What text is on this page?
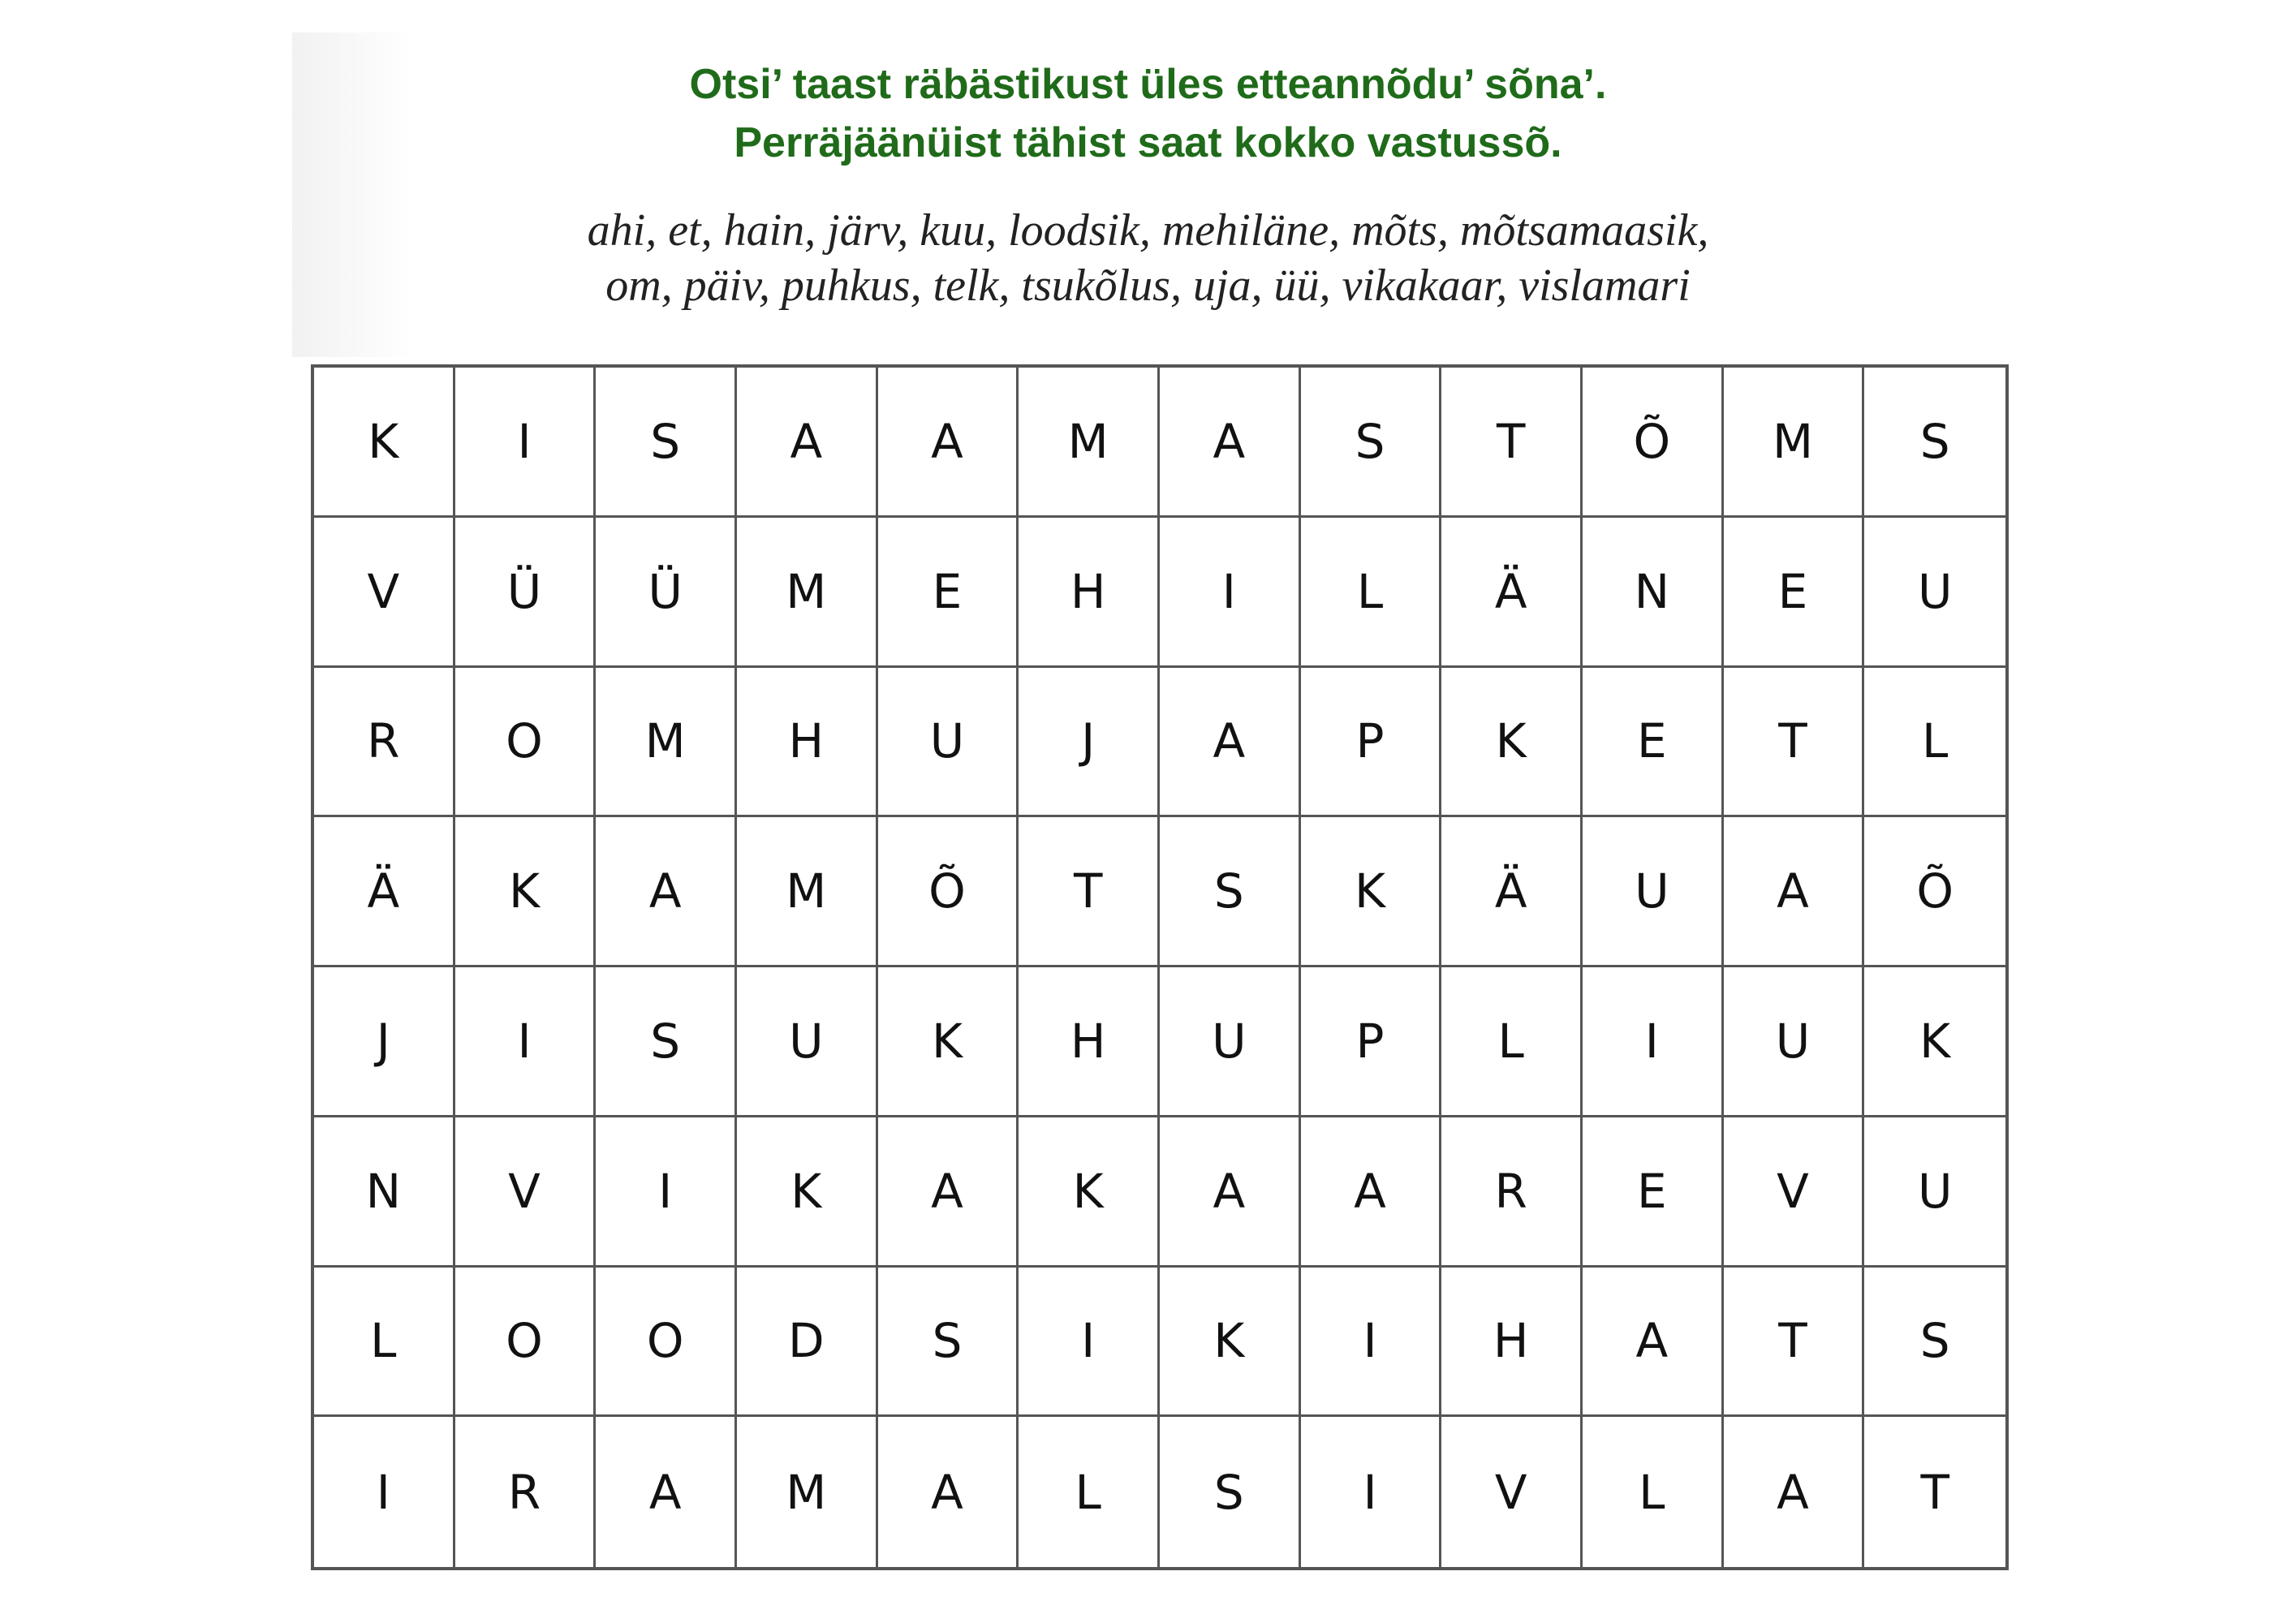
Otsi’ taast räbästikust üles etteannõdu’ sõna’.
Perräjäänüist tähist saat kokko vastussõ.
ahi, et, hain, järv, kuu, loodsik, mehiläne, mõts, mõtsamaasik,
om, päiv, puhkus, telk, tsukõlus, uja, üü, vikakaar, vislamari
K	I	S	A	A	M	A	S	T	Õ	M	S
V	Ü	Ü	M	E	H	I	L	Ä	N	E	U
R	O	M	H	U	J	A	P	K	E	T	L
Ä	K	A	M	Õ	T	S	K	Ä	U	A	Õ
J	I	S	U	K	H	U	P	L	I	U	K
N	V	I	K	A	K	A	A	R	E	V	U
L	O	O	D	S	I	K	I	H	A	T	S
I	R	A	M	A	L	S	I	V	L	A	T
